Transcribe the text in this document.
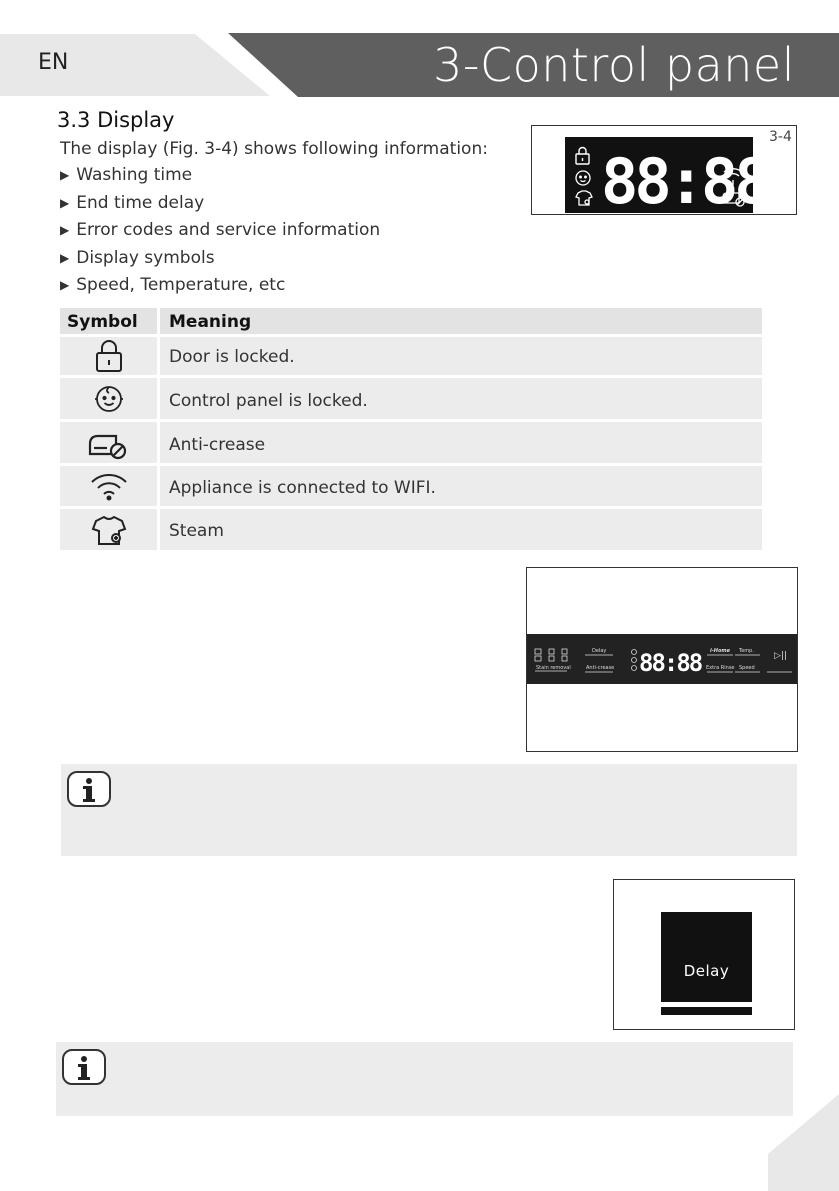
EN	3-Control panel
3.3 Display
The display (Fig. 3-4) shows following information:
▶ Washing time
▶ End time delay
▶ Error codes and service information
▶ Display symbols
▶ Speed, Temperature, etc
3-4
88:88
Symbol Meaning
Door is locked.
Control panel is locked.
Anti-crease
Appliance is connected to WIFI.
Steam
88:88
Stain removal
Delay
Anti-crease
i-Home Temp.
Extra Rinse Speed
▷||
Delay
